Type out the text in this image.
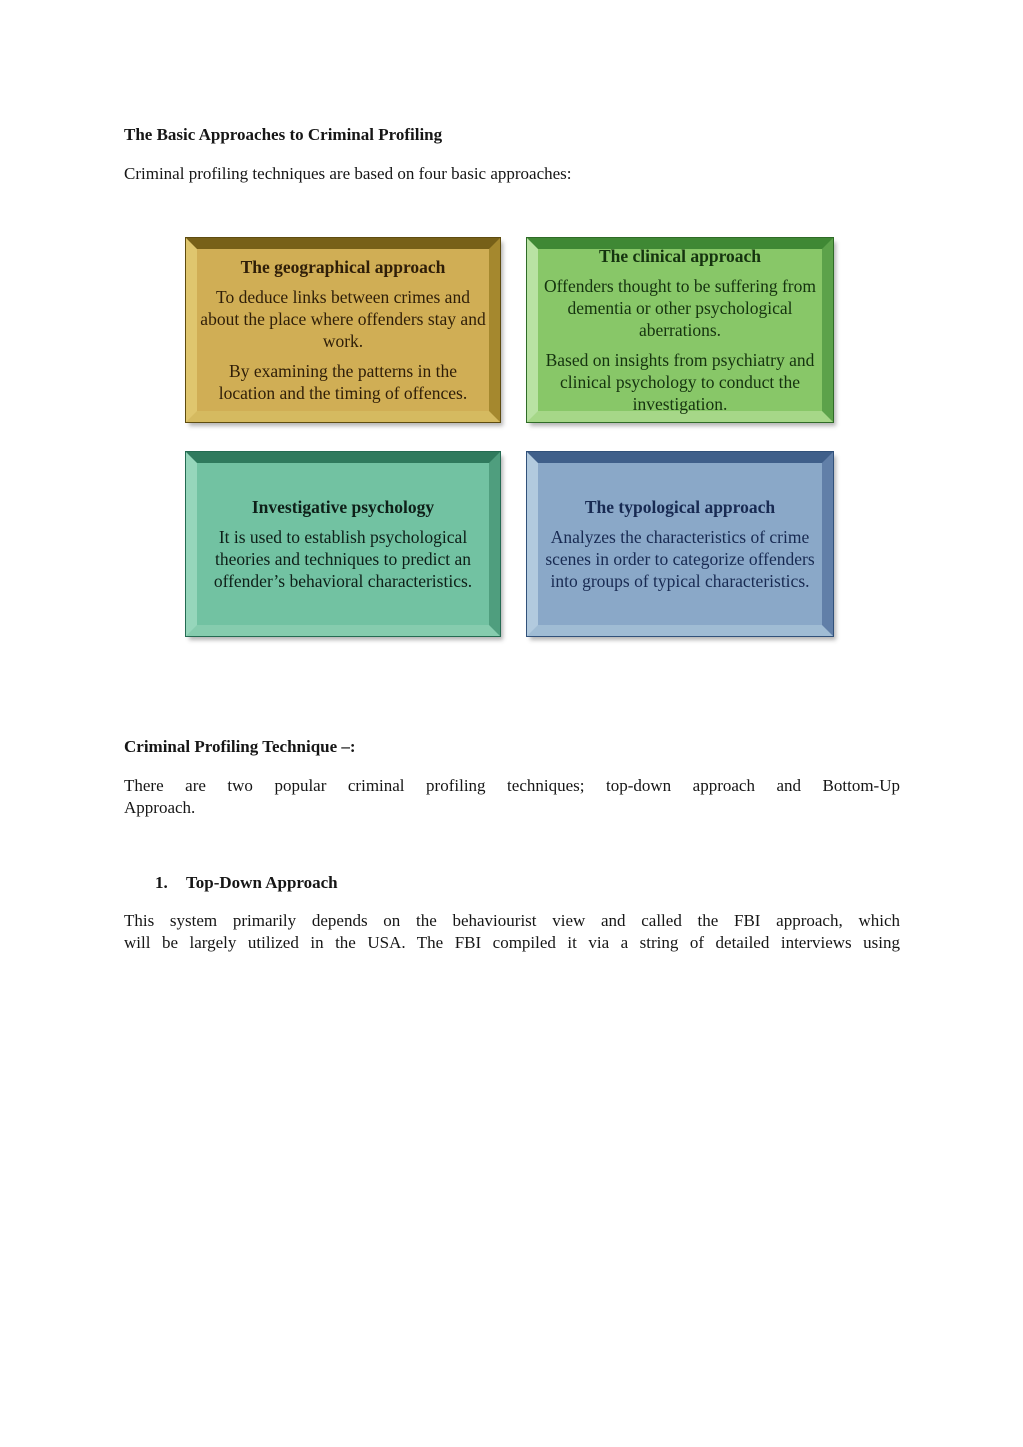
The Basic Approaches to Criminal Profiling
Criminal profiling techniques are based on four basic approaches:
The geographical approach

To deduce links between crimes and about the place where offenders stay and work.

By examining the patterns in the location and the timing of offences.

The clinical approach

Offenders thought to be suffering from dementia or other psychological aberrations.

Based on insights from psychiatry and clinical psychology to conduct the investigation.

Investigative psychology

It is used to establish psychological theories and techniques to predict an offender’s behavioral characteristics.

The typological approach

Analyzes the characteristics of crime scenes in order to categorize offenders into groups of typical characteristics.

Criminal Profiling Technique –:
There are two popular criminal profiling techniques; top-down approach and Bottom-Up
Approach.
1.	Top-Down Approach
This system primarily depends on the behaviourist view and called the FBI approach, which
will be largely utilized in the USA. The FBI compiled it via a string of detailed interviews using
